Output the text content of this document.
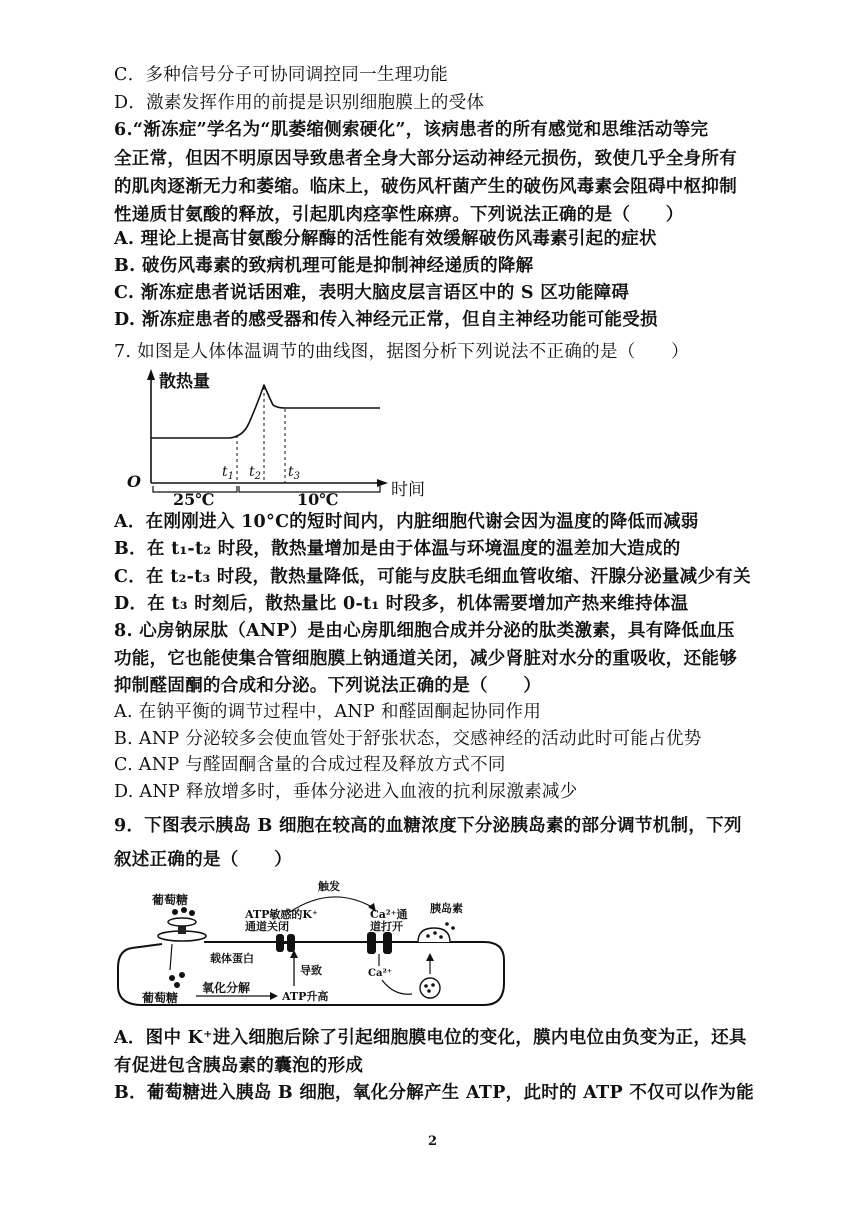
C．多种信号分子可协同调控同一生理功能
D．激素发挥作用的前提是识别细胞膜上的受体
6.“渐冻症”学名为“肌萎缩侧索硬化”，该病患者的所有感觉和思维活动等完
全正常，但因不明原因导致患者全身大部分运动神经元损伤，致使几乎全身所有
的肌肉逐渐无力和萎缩。临床上，破伤风杆菌产生的破伤风毒素会阻碍中枢抑制
性递质甘氨酸的释放，引起肌肉痉挛性麻痹。下列说法正确的是（　　）
A. 理论上提高甘氨酸分解酶的活性能有效缓解破伤风毒素引起的症状
B. 破伤风毒素的致病机理可能是抑制神经递质的降解
C. 渐冻症患者说话困难，表明大脑皮层言语区中的 S 区功能障碍
D. 渐冻症患者的感受器和传入神经元正常，但自主神经功能可能受损
7. 如图是人体体温调节的曲线图，据图分析下列说法不正确的是（　　）
散热量
时间
O	$t_1$ $t_2$ $t_3$
25℃	10℃
A．在刚刚进入 10°C的短时间内，内脏细胞代谢会因为温度的降低而减弱
B．在 t₁-t₂ 时段，散热量增加是由于体温与环境温度的温差加大造成的
C．在 t₂-t₃ 时段，散热量降低，可能与皮肤毛细血管收缩、汗腺分泌量减少有关
D．在 t₃ 时刻后，散热量比 0-t₁ 时段多，机体需要增加产热来维持体温
8. 心房钠尿肽（ANP）是由心房肌细胞合成并分泌的肽类激素，具有降低血压
功能，它也能使集合管细胞膜上钠通道关闭，减少肾脏对水分的重吸收，还能够
抑制醛固酮的合成和分泌。下列说法正确的是（　　）
A. 在钠平衡的调节过程中，ANP 和醛固酮起协同作用
B. ANP 分泌较多会使血管处于舒张状态，交感神经的活动此时可能占优势
C. ANP 与醛固酮含量的合成过程及释放方式不同
D. ANP 释放增多时，垂体分泌进入血液的抗利尿激素减少
9．下图表示胰岛 B 细胞在较高的血糖浓度下分泌胰岛素的部分调节机制，下列
叙述正确的是（　　）
葡萄糖
葡萄糖
氧化分解
ATP升高
导致
ATP敏感的K⁺
通道关闭
载体蛋白
触发
Ca²⁺通
道打开
Ca²⁺
胰岛素
A．图中 K⁺进入细胞后除了引起细胞膜电位的变化，膜内电位由负变为正，还具
有促进包含胰岛素的囊泡的形成
B．葡萄糖进入胰岛 B 细胞，氧化分解产生 ATP，此时的 ATP 不仅可以作为能
2
